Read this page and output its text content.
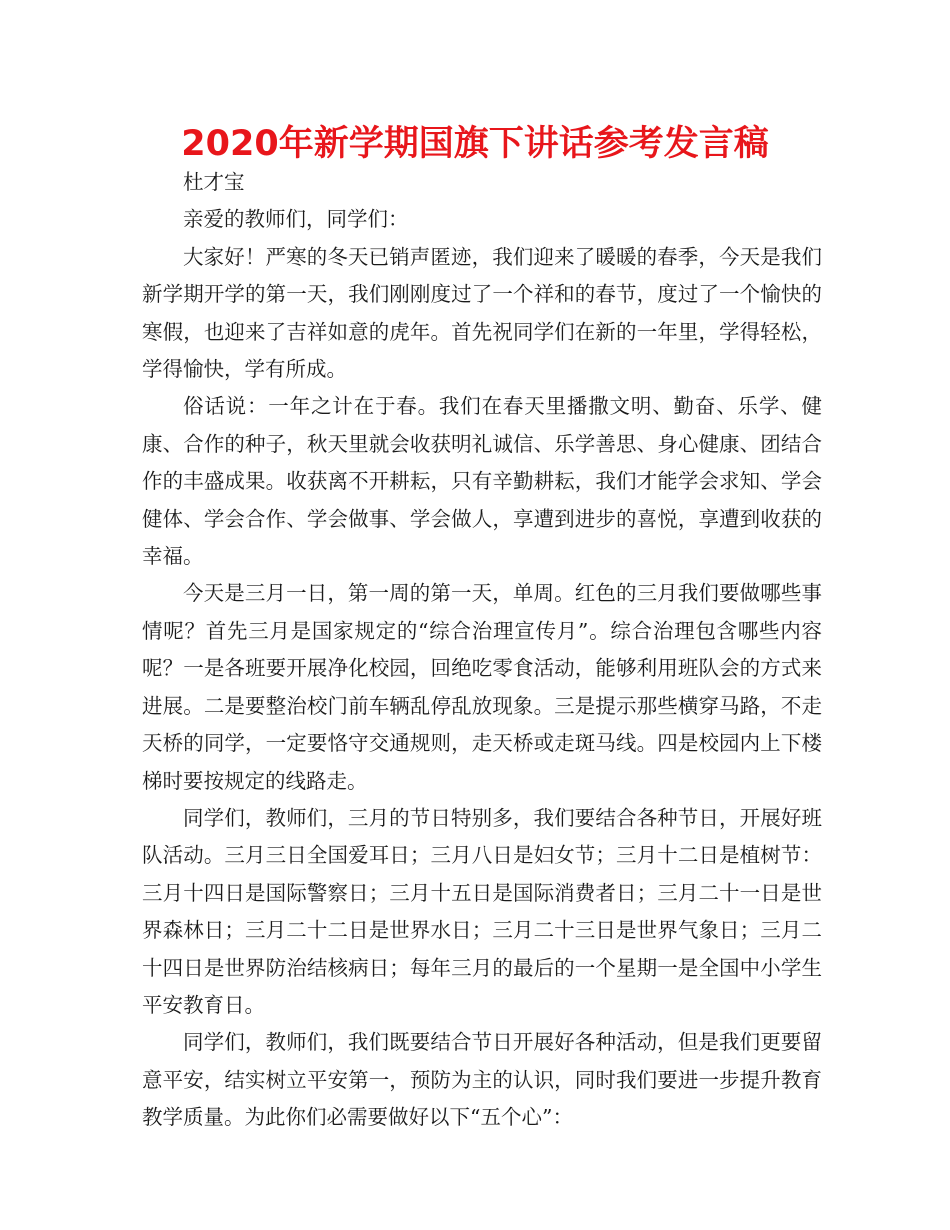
2020年新学期国旗下讲话参考发言稿

杜才宝

亲爱的教师们，同学们：

大家好！严寒的冬天已销声匿迹，我们迎来了暖暖的春季，今天是我们新学期开学的第一天，我们刚刚度过了一个祥和的春节，度过了一个愉快的寒假，也迎来了吉祥如意的虎年。首先祝同学们在新的一年里，学得轻松，学得愉快，学有所成。

俗话说：一年之计在于春。我们在春天里播撒文明、勤奋、乐学、健康、合作的种子，秋天里就会收获明礼诚信、乐学善思、身心健康、团结合作的丰盛成果。收获离不开耕耘，只有辛勤耕耘，我们才能学会求知、学会健体、学会合作、学会做事、学会做人，享遭到进步的喜悦，享遭到收获的幸福。

今天是三月一日，第一周的第一天，单周。红色的三月我们要做哪些事情呢？首先三月是国家规定的“综合治理宣传月”。综合治理包含哪些内容呢？一是各班要开展净化校园，回绝吃零食活动，能够利用班队会的方式来进展。二是要整治校门前车辆乱停乱放现象。三是提示那些横穿马路，不走天桥的同学，一定要恪守交通规则，走天桥或走斑马线。四是校园内上下楼梯时要按规定的线路走。

同学们，教师们，三月的节日特别多，我们要结合各种节日，开展好班队活动。三月三日全国爱耳日；三月八日是妇女节；三月十二日是植树节：三月十四日是国际警察日；三月十五日是国际消费者日；三月二十一日是世界森林日；三月二十二日是世界水日；三月二十三日是世界气象日；三月二十四日是世界防治结核病日；每年三月的最后的一个星期一是全国中小学生平安教育日。

同学们，教师们，我们既要结合节日开展好各种活动，但是我们更要留意平安，结实树立平安第一，预防为主的认识，同时我们要进一步提升教育教学质量。为此你们必需要做好以下“五个心”：
